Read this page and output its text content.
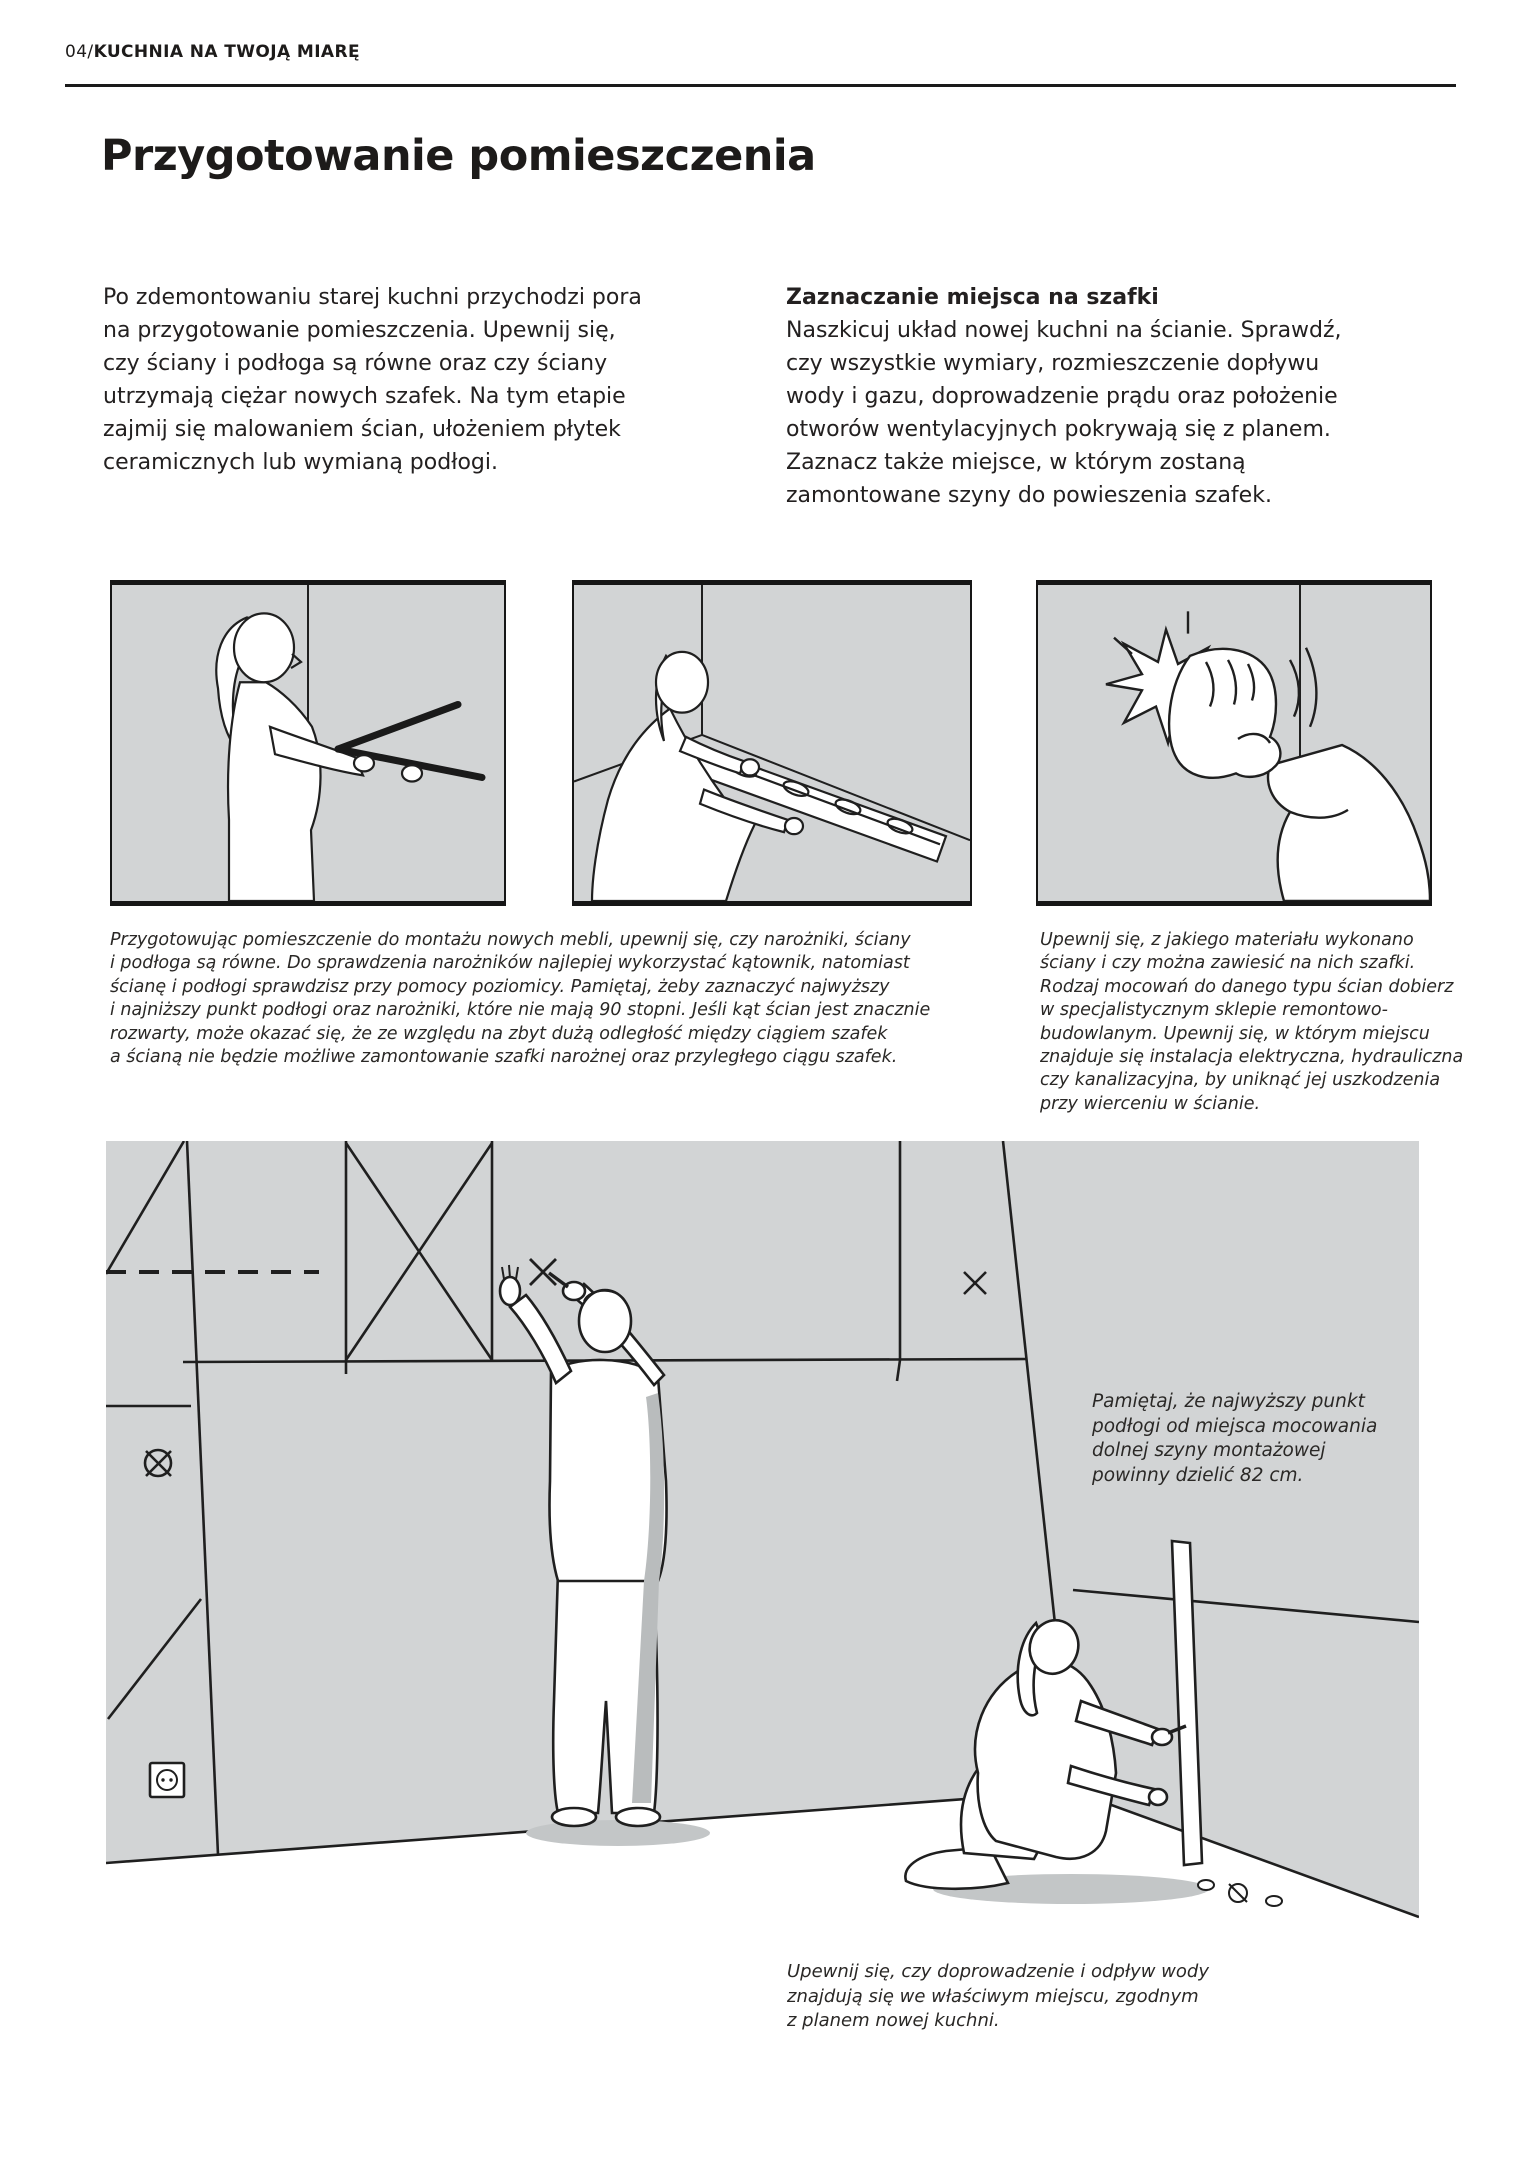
04/KUCHNIA NA TWOJĄ MIARĘ
Przygotowanie pomieszczenia
Po zdemontowaniu starej kuchni przychodzi pora
na przygotowanie pomieszczenia. Upewnij się,
czy ściany i podłoga są równe oraz czy ściany
utrzymają ciężar nowych szafek. Na tym etapie
zajmij się malowaniem ścian, ułożeniem płytek
ceramicznych lub wymianą podłogi.
Zaznaczanie miejsca na szafki
Naszkicuj układ nowej kuchni na ścianie. Sprawdź,
czy wszystkie wymiary, rozmieszczenie dopływu
wody i gazu, doprowadzenie prądu oraz położenie
otworów wentylacyjnych pokrywają się z planem.
Zaznacz także miejsce, w którym zostaną
zamontowane szyny do powieszenia szafek.
Przygotowując pomieszczenie do montażu nowych mebli, upewnij się, czy narożniki, ściany
i podłoga są równe. Do sprawdzenia narożników najlepiej wykorzystać kątownik, natomiast
ścianę i podłogi sprawdzisz przy pomocy poziomicy. Pamiętaj, żeby zaznaczyć najwyższy
i najniższy punkt podłogi oraz narożniki, które nie mają 90 stopni. Jeśli kąt ścian jest znacznie
rozwarty, może okazać się, że ze względu na zbyt dużą odległość między ciągiem szafek
a ścianą nie będzie możliwe zamontowanie szafki narożnej oraz przyległego ciągu szafek.
Upewnij się, z jakiego materiału wykonano
ściany i czy można zawiesić na nich szafki.
Rodzaj mocowań do danego typu ścian dobierz
w specjalistycznym sklepie remontowo-
budowlanym. Upewnij się, w którym miejscu
znajduje się instalacja elektryczna, hydrauliczna
czy kanalizacyjna, by uniknąć jej uszkodzenia
przy wierceniu w ścianie.
Pamiętaj, że najwyższy punkt
podłogi od miejsca mocowania
dolnej szyny montażowej
powinny dzielić 82 cm.
Upewnij się, czy doprowadzenie i odpływ wody
znajdują się we właściwym miejscu, zgodnym
z planem nowej kuchni.
